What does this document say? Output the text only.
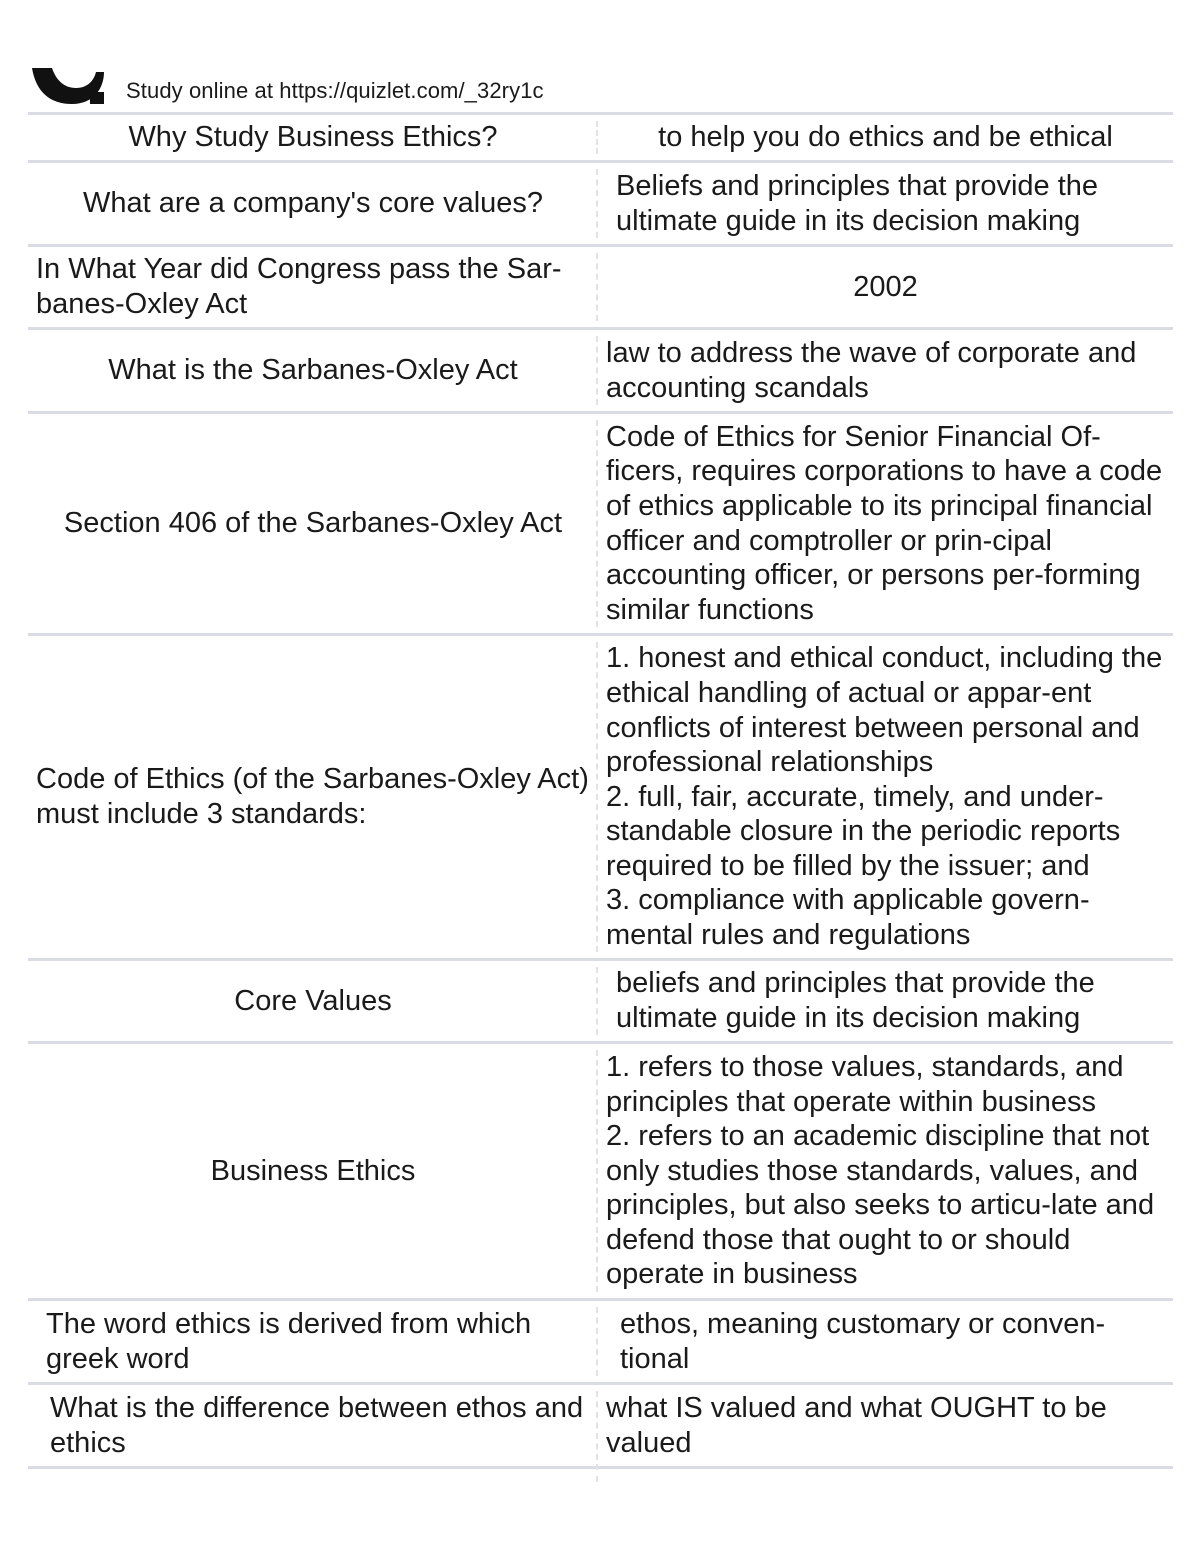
Study online at https://quizlet.com/_32ry1c
Why Study Business Ethics?	to help you do ethics and be ethical
What are a company's core values?
Beliefs and principles that provide the ultimate guide in its decision making
In What Year did Congress pass the Sar-banes-Oxley Act
2002
What is the Sarbanes-Oxley Act
law to address the wave of corporate and accounting scandals
Section 406 of the Sarbanes-Oxley Act
Code of Ethics for Senior Financial Of-ficers, requires corporations to have a code of ethics applicable to its principal financial officer and comptroller or prin-cipal accounting officer, or persons per-forming similar functions
Code of Ethics (of the Sarbanes-Oxley Act) must include 3 standards:
1. honest and ethical conduct, including the ethical handling of actual or appar-ent conflicts of interest between personal and professional relationships
2. full, fair, accurate, timely, and under-standable closure in the periodic reports required to be filled by the issuer; and
3. compliance with applicable govern-mental rules and regulations
Core Values
beliefs and principles that provide the ultimate guide in its decision making
Business Ethics
1. refers to those values, standards, and principles that operate within business
2. refers to an academic discipline that not only studies those standards, values, and principles, but also seeks to articu-late and defend those that ought to or should operate in business
The word ethics is derived from which greek word
ethos, meaning customary or conven-tional
What is the difference between ethos and ethics
what IS valued and what OUGHT to be valued
